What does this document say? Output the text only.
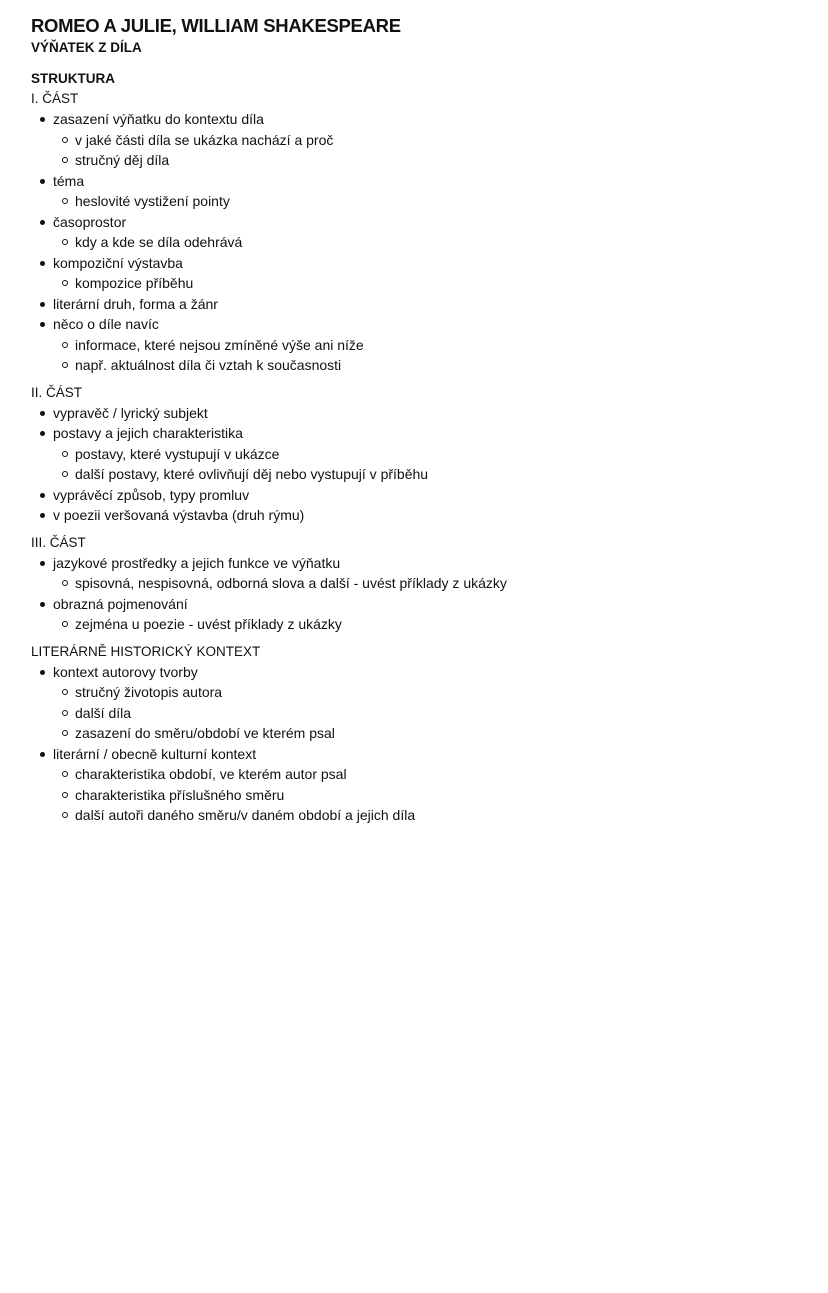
ROMEO A JULIE, WILLIAM SHAKESPEARE
VÝŇATEK Z DÍLA
STRUKTURA
I. ČÁST
zasazení výňatku do kontextu díla
v jaké části díla se ukázka nachází a proč
stručný děj díla
téma
heslovité vystižení pointy
časoprostor
kdy a kde se díla odehrává
kompoziční výstavba
kompozice příběhu
literární druh, forma a žánr
něco o díle navíc
informace, které nejsou zmíněné výše ani níže
např. aktuálnost díla či vztah k současnosti
II. ČÁST
vypravěč / lyrický subjekt
postavy a jejich charakteristika
postavy, které vystupují v ukázce
další postavy, které ovlivňují děj nebo vystupují v příběhu
vyprávěcí způsob, typy promluv
v poezii veršovaná výstavba (druh rýmu)
III. ČÁST
jazykové prostředky a jejich funkce ve výňatku
spisovná, nespisovná, odborná slova a další - uvést příklady z ukázky
obrazná pojmenování
zejména u poezie - uvést příklady z ukázky
LITERÁRNĚ HISTORICKÝ KONTEXT
kontext autorovy tvorby
stručný životopis autora
další díla
zasazení do směru/období ve kterém psal
literární / obecně kulturní kontext
charakteristika období, ve kterém autor psal
charakteristika příslušného směru
další autoři daného směru/v daném období a jejich díla
